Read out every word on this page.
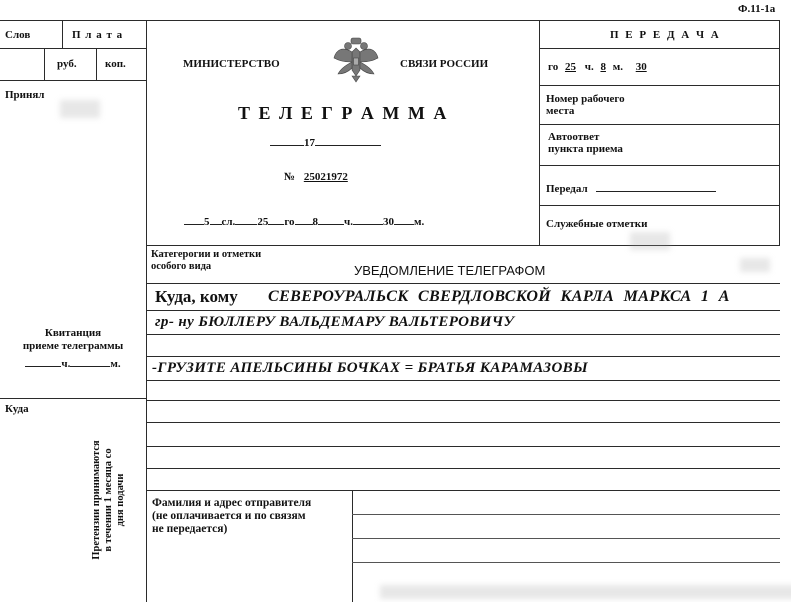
Ф.11-1а
Слов	П л а т а
руб.	коп.
Принял
Квитанция
приеме телеграммы
ч.	м.
Куда
Претензии принимаются в течении 1 месяца со дня подачи
МИНИСТЕРСТВО	СВЯЗИ РОССИИ
Т Е Л Е Г Р А М М А
17
№ 25021972
5 сл. 25 го 8 ч.	30 м.
П Е Р Е Д А Ч А
го 25 ч. 8 м. 30
Номер рабочего
места
Автоответ
пункта приема
Передал
Служебные отметки
Категерогии и отметки
особого вида	УВЕДОМЛЕНИЕ ТЕЛЕГРАФОМ
Куда, кому СЕВЕРОУРАЛЬСК СВЕРДЛОВСКОЙ КАРЛА МАРКСА 1 А
гр- ну БЮЛЛЕРУ ВАЛЬДЕМАРУ ВАЛЬТЕРОВИЧУ
-ГРУЗИТЕ АПЕЛЬСИНЫ БОЧКАХ = БРАТЬЯ КАРАМАЗОВЫ
Фамилия и адрес отправителя
(не оплачивается и по связям
не передается)
